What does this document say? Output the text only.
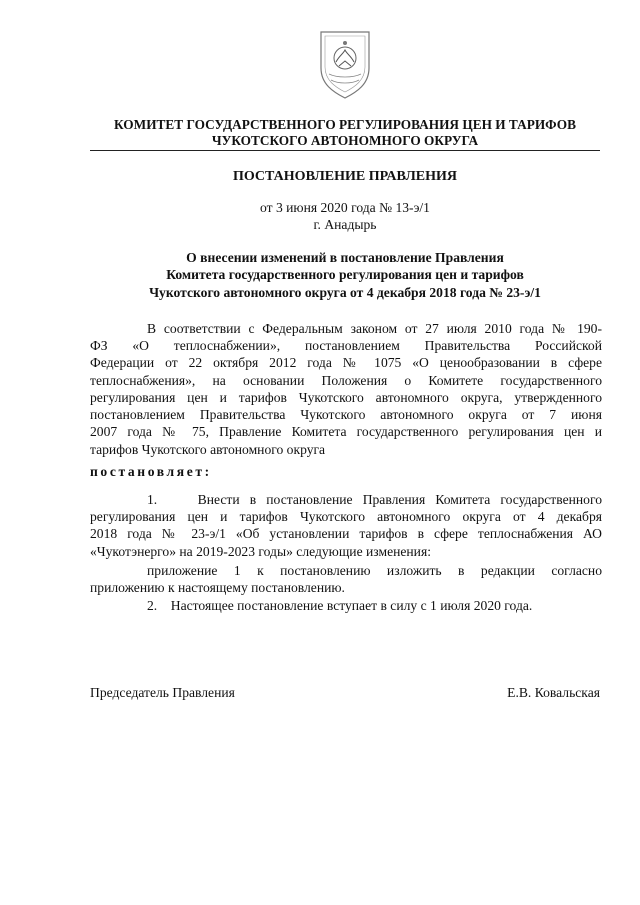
КОМИТЕТ ГОСУДАРСТВЕННОГО РЕГУЛИРОВАНИЯ ЦЕН И ТАРИФОВ
ЧУКОТСКОГО АВТОНОМНОГО ОКРУГА
ПОСТАНОВЛЕНИЕ ПРАВЛЕНИЯ
от 3 июня 2020 года № 13-э/1
г. Анадырь
О внесении изменений в постановление Правления
Комитета государственного регулирования цен и тарифов
Чукотского автономного округа от 4 декабря 2018 года № 23-э/1
В соответствии с Федеральным законом от 27 июля 2010 года № 190-
ФЗ «О теплоснабжении», постановлением Правительства Российской
Федерации от 22 октября 2012 года № 1075 «О ценообразовании в сфере
теплоснабжения», на основании Положения о Комитете государственного
регулирования цен и тарифов Чукотского автономного округа, утвержденного
постановлением Правительства Чукотского автономного округа от 7 июня
2007 года № 75, Правление Комитета государственного регулирования цен и
тарифов Чукотского автономного округа
постановляет:
1.    Внести в постановление Правления Комитета государственного
регулирования цен и тарифов Чукотского автономного округа от 4 декабря
2018 года № 23-э/1 «Об установлении тарифов в сфере теплоснабжения АО
«Чукотэнерго» на 2019-2023 годы» следующие изменения:
приложение 1 к постановлению изложить в редакции согласно
приложению к настоящему постановлению.
2.    Настоящее постановление вступает в силу с 1 июля 2020 года.
Председатель Правления	Е.В. Ковальская
